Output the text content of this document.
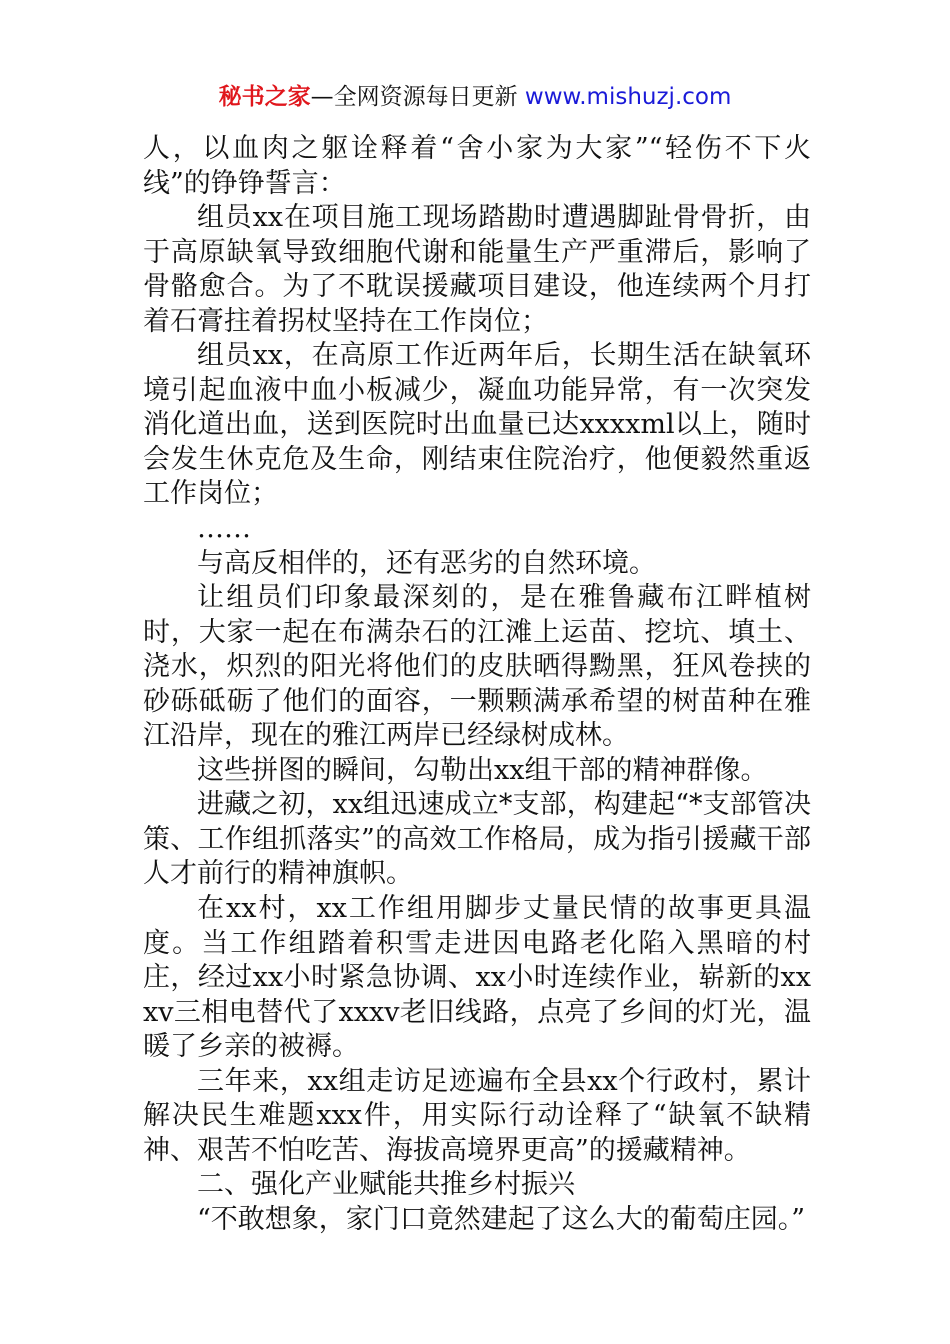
秘书之家—全网资源每日更新 www.mishuzj.com

人，以血肉之躯诠释着“舍小家为大家”“轻伤不下火线”的铮铮誓言：

组员xx在项目施工现场踏勘时遭遇脚趾骨骨折，由于高原缺氧导致细胞代谢和能量生产严重滞后，影响了骨骼愈合。为了不耽误援藏项目建设，他连续两个月打着石膏拄着拐杖坚持在工作岗位；

组员xx，在高原工作近两年后，长期生活在缺氧环境引起血液中血小板减少，凝血功能异常，有一次突发消化道出血，送到医院时出血量已达xxxxml以上，随时会发生休克危及生命，刚结束住院治疗，他便毅然重返工作岗位；

……

与高反相伴的，还有恶劣的自然环境。

让组员们印象最深刻的，是在雅鲁藏布江畔植树时，大家一起在布满杂石的江滩上运苗、挖坑、填土、浇水，炽烈的阳光将他们的皮肤晒得黝黑，狂风卷挟的砂砾砥砺了他们的面容，一颗颗满承希望的树苗种在雅江沿岸，现在的雅江两岸已经绿树成林。

这些拼图的瞬间，勾勒出xx组干部的精神群像。

进藏之初，xx组迅速成立*支部，构建起“*支部管决策、工作组抓落实”的高效工作格局，成为指引援藏干部人才前行的精神旗帜。

在xx村，xx工作组用脚步丈量民情的故事更具温度。当工作组踏着积雪走进因电路老化陷入黑暗的村庄，经过xx小时紧急协调、xx小时连续作业，崭新的xxxv三相电替代了xxxv老旧线路，点亮了乡间的灯光，温暖了乡亲的被褥。

三年来，xx组走访足迹遍布全县xx个行政村，累计解决民生难题xxx件，用实际行动诠释了“缺氧不缺精神、艰苦不怕吃苦、海拔高境界更高”的援藏精神。

二、强化产业赋能共推乡村振兴

“不敢想象，家门口竟然建起了这么大的葡萄庄园。”
